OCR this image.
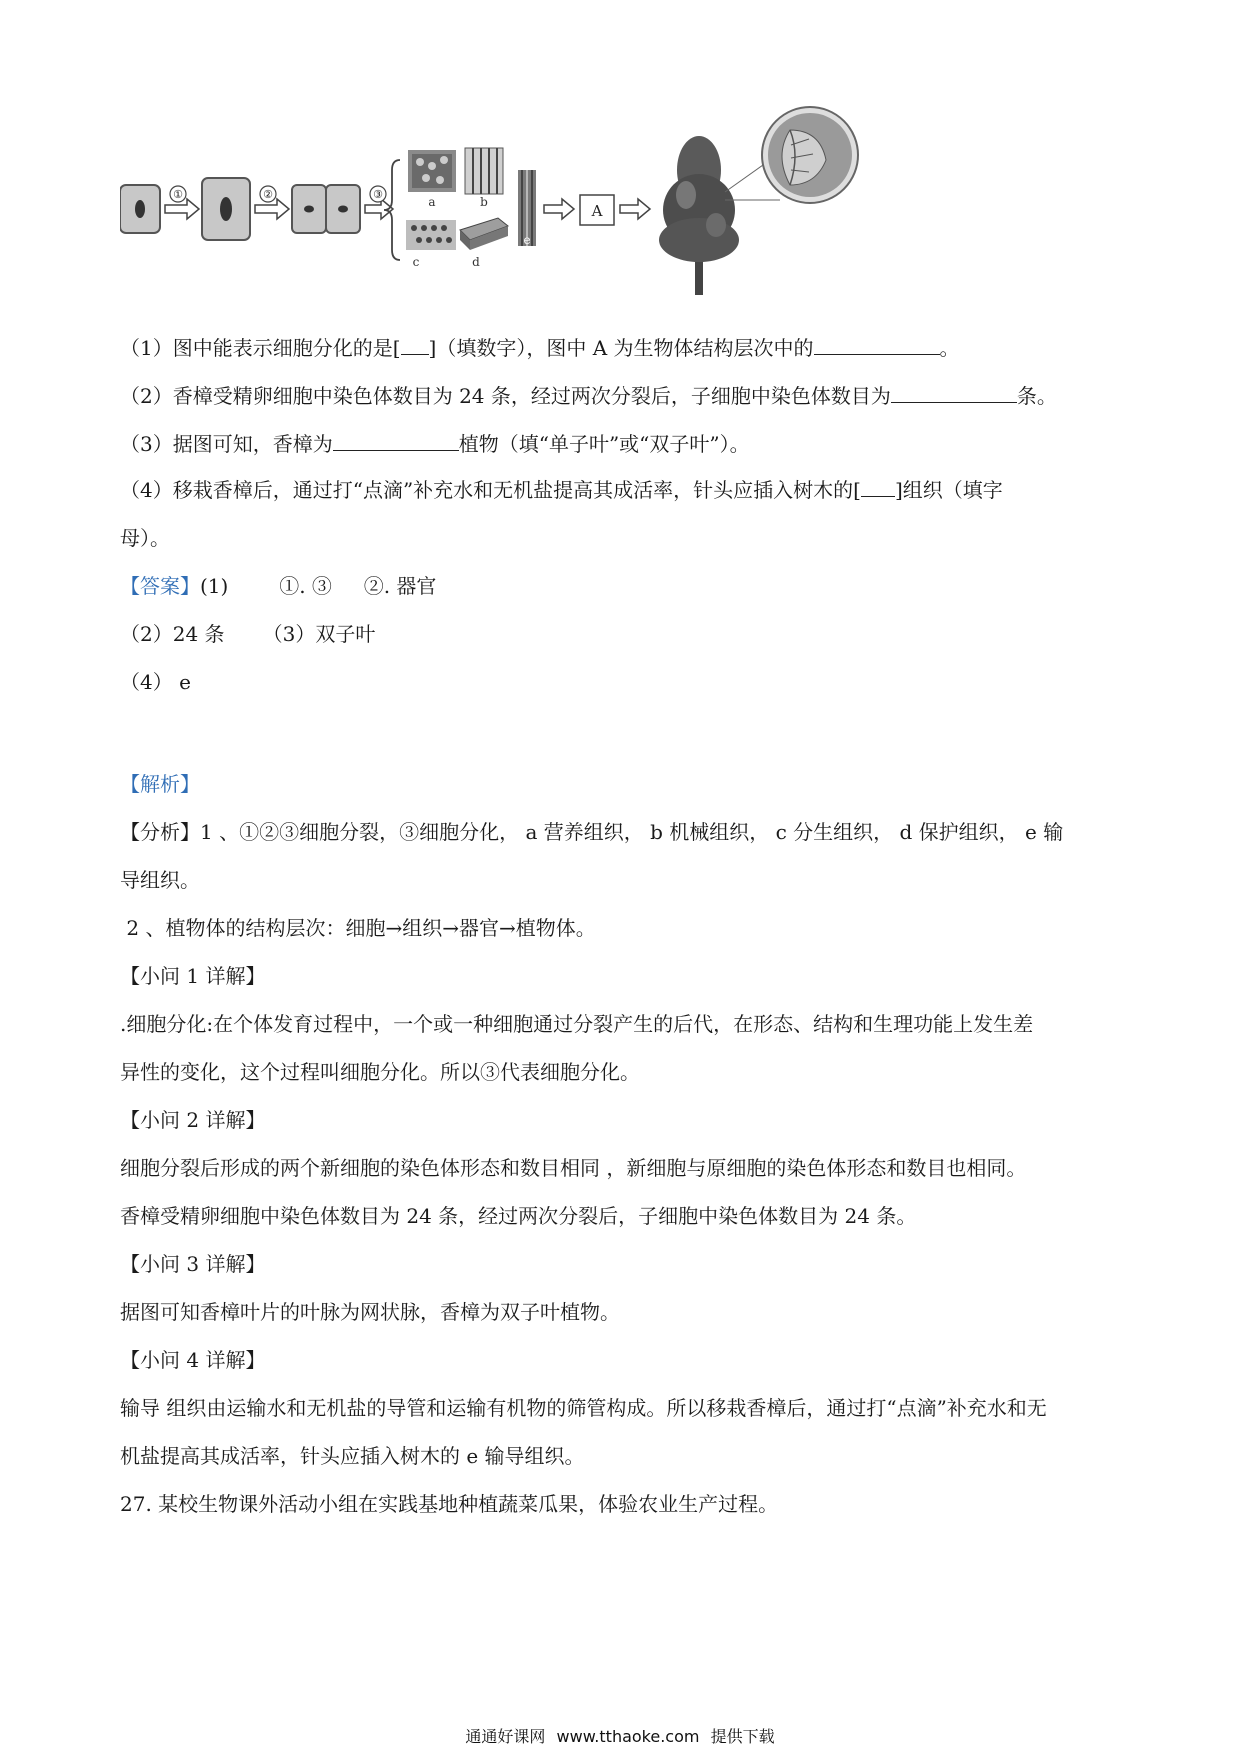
①	②	③
a	b
c	d
e
A
（1）图中能表示细胞分化的是[ ]（填数字），图中 A 为生物体结构层次中的	。
（2）香樟受精卵细胞中染色体数目为 24 条，经过两次分裂后，子细胞中染色体数目为	条。
（3）据图可知，香樟为	植物（填“单子叶”或“双子叶”）。
（4）移栽香樟后，通过打“点滴”补充水和无机盐提高其成活率，针头应插入树木的[ ]组织（填字
母）。
【答案】(1)        ①. ③     ②. 器官
（2）24 条      （3）双子叶
（4） e
【解析】
【分析】1 、①②③细胞分裂，③细胞分化， a 营养组织， b 机械组织， c 分生组织， d 保护组织， e 输
导组织。
2 、植物体的结构层次：细胞→组织→器官→植物体。
【小问 1 详解】
.细胞分化:在个体发育过程中，一个或一种细胞通过分裂产生的后代，在形态、结构和生理功能上发生差
异性的变化，这个过程叫细胞分化。所以③代表细胞分化。
【小问 2 详解】
细胞分裂后形成的两个新细胞的染色体形态和数目相同 ，新细胞与原细胞的染色体形态和数目也相同。
香樟受精卵细胞中染色体数目为 24 条，经过两次分裂后，子细胞中染色体数目为 24 条。
【小问 3 详解】
据图可知香樟叶片的叶脉为网状脉，香樟为双子叶植物。
【小问 4 详解】
输导 组织由运输水和无机盐的导管和运输有机物的筛管构成。所以移栽香樟后，通过打“点滴”补充水和无
机盐提高其成活率，针头应插入树木的 e 输导组织。
27. 某校生物课外活动小组在实践基地种植蔬菜瓜果，体验农业生产过程。
通通好课网 www.tthaoke.com 提供下载
